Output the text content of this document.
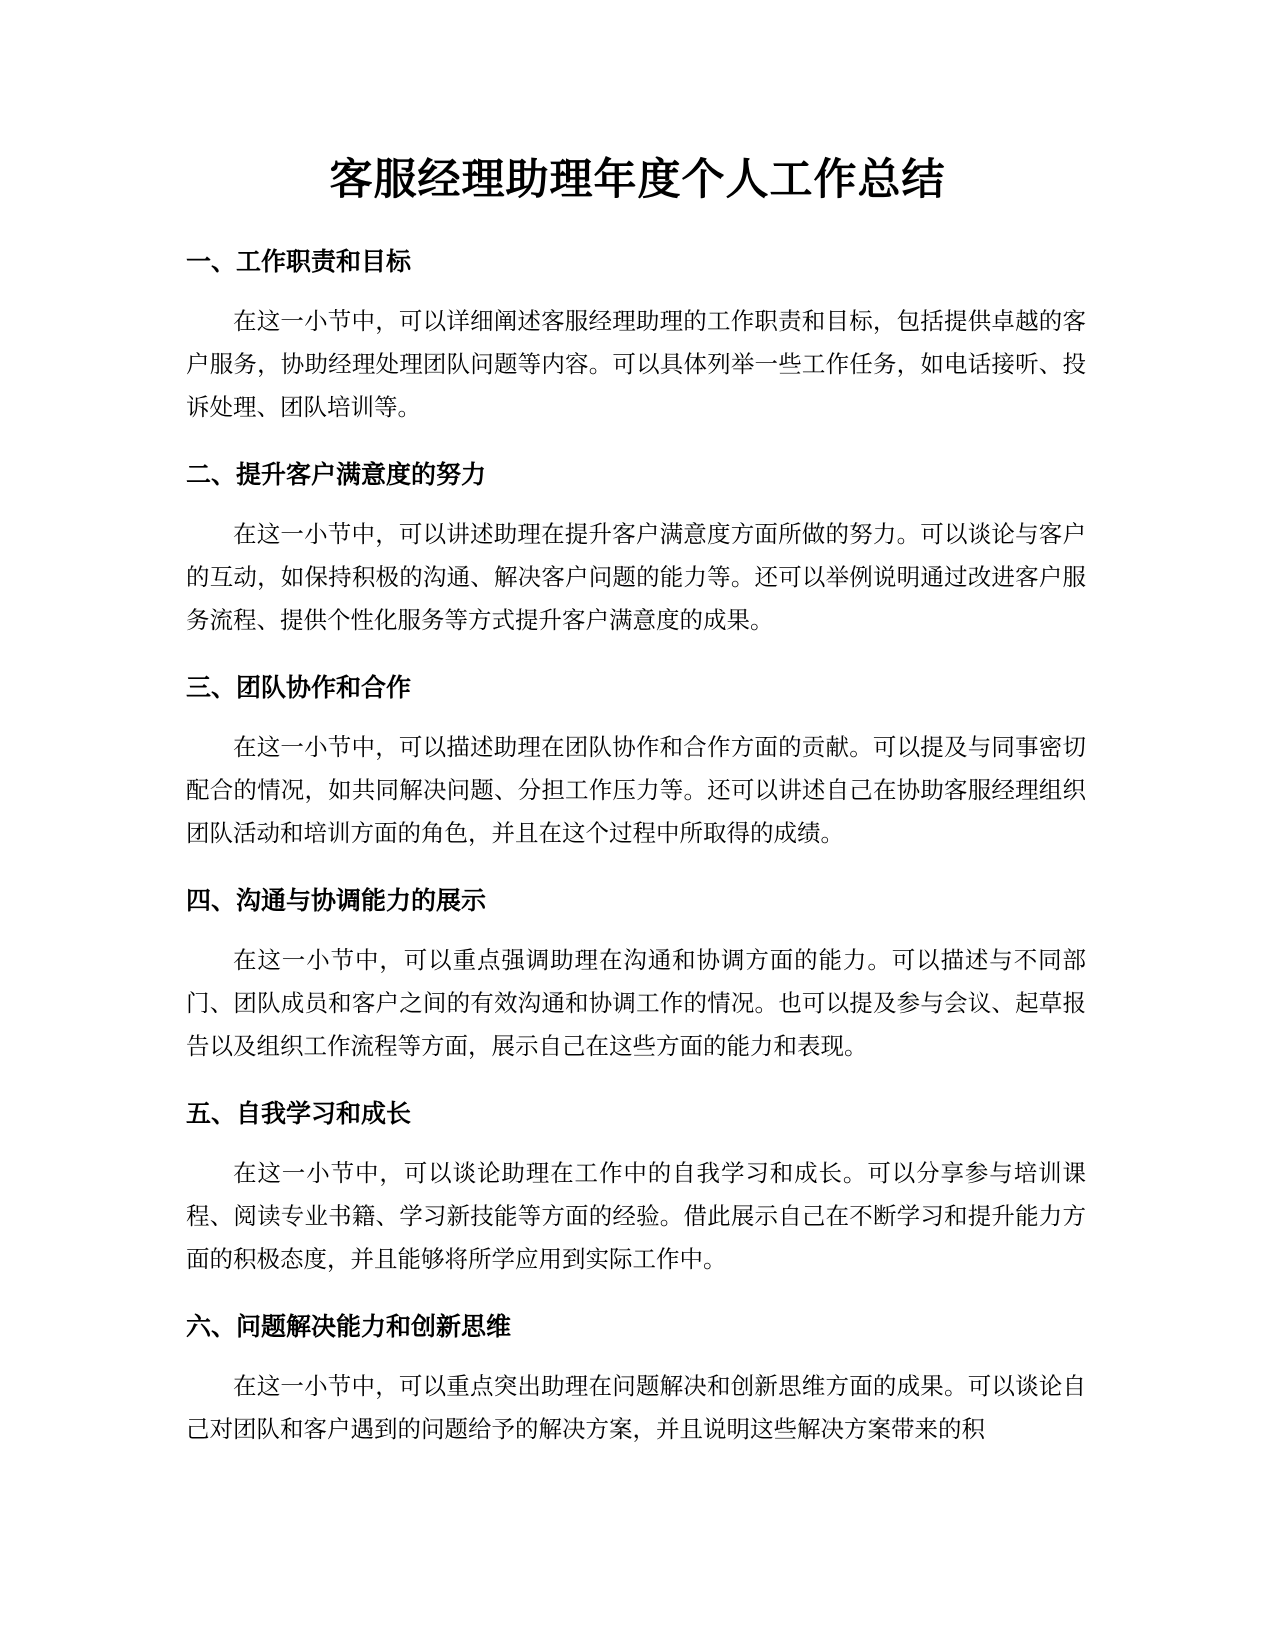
客服经理助理年度个人工作总结
一、工作职责和目标

在这一小节中，可以详细阐述客服经理助理的工作职责和目标，包括提供卓越的客户服务，协助经理处理团队问题等内容。可以具体列举一些工作任务，如电话接听、投诉处理、团队培训等。

二、提升客户满意度的努力

在这一小节中，可以讲述助理在提升客户满意度方面所做的努力。可以谈论与客户的互动，如保持积极的沟通、解决客户问题的能力等。还可以举例说明通过改进客户服务流程、提供个性化服务等方式提升客户满意度的成果。

三、团队协作和合作

在这一小节中，可以描述助理在团队协作和合作方面的贡献。可以提及与同事密切配合的情况，如共同解决问题、分担工作压力等。还可以讲述自己在协助客服经理组织团队活动和培训方面的角色，并且在这个过程中所取得的成绩。

四、沟通与协调能力的展示

在这一小节中，可以重点强调助理在沟通和协调方面的能力。可以描述与不同部门、团队成员和客户之间的有效沟通和协调工作的情况。也可以提及参与会议、起草报告以及组织工作流程等方面，展示自己在这些方面的能力和表现。

五、自我学习和成长

在这一小节中，可以谈论助理在工作中的自我学习和成长。可以分享参与培训课程、阅读专业书籍、学习新技能等方面的经验。借此展示自己在不断学习和提升能力方面的积极态度，并且能够将所学应用到实际工作中。

六、问题解决能力和创新思维

在这一小节中，可以重点突出助理在问题解决和创新思维方面的成果。可以谈论自己对团队和客户遇到的问题给予的解决方案，并且说明这些解决方案带来的积
